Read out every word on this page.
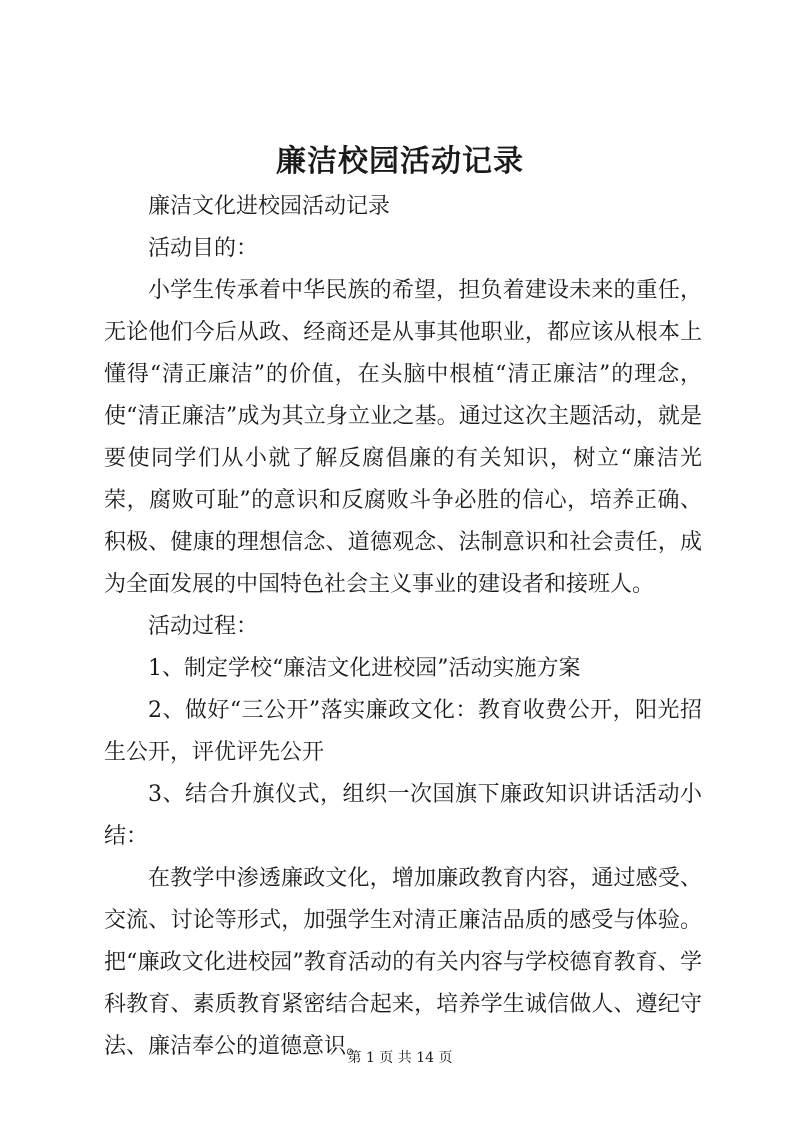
廉洁校园活动记录

廉洁文化进校园活动记录

活动目的：

小学生传承着中华民族的希望，担负着建设未来的重任，无论他们今后从政、经商还是从事其他职业，都应该从根本上懂得“清正廉洁”的价值，在头脑中根植“清正廉洁”的理念，使“清正廉洁”成为其立身立业之基。通过这次主题活动，就是要使同学们从小就了解反腐倡廉的有关知识，树立“廉洁光荣，腐败可耻”的意识和反腐败斗争必胜的信心，培养正确、积极、健康的理想信念、道德观念、法制意识和社会责任，成为全面发展的中国特色社会主义事业的建设者和接班人。

活动过程：

1、制定学校“廉洁文化进校园”活动实施方案

2、做好“三公开”落实廉政文化：教育收费公开，阳光招生公开，评优评先公开

3、结合升旗仪式，组织一次国旗下廉政知识讲话活动小结：

在教学中渗透廉政文化，增加廉政教育内容，通过感受、交流、讨论等形式，加强学生对清正廉洁品质的感受与体验。把“廉政文化进校园”教育活动的有关内容与学校德育教育、学科教育、素质教育紧密结合起来，培养学生诚信做人、遵纪守法、廉洁奉公的道德意识。

第 1 页 共 14 页
